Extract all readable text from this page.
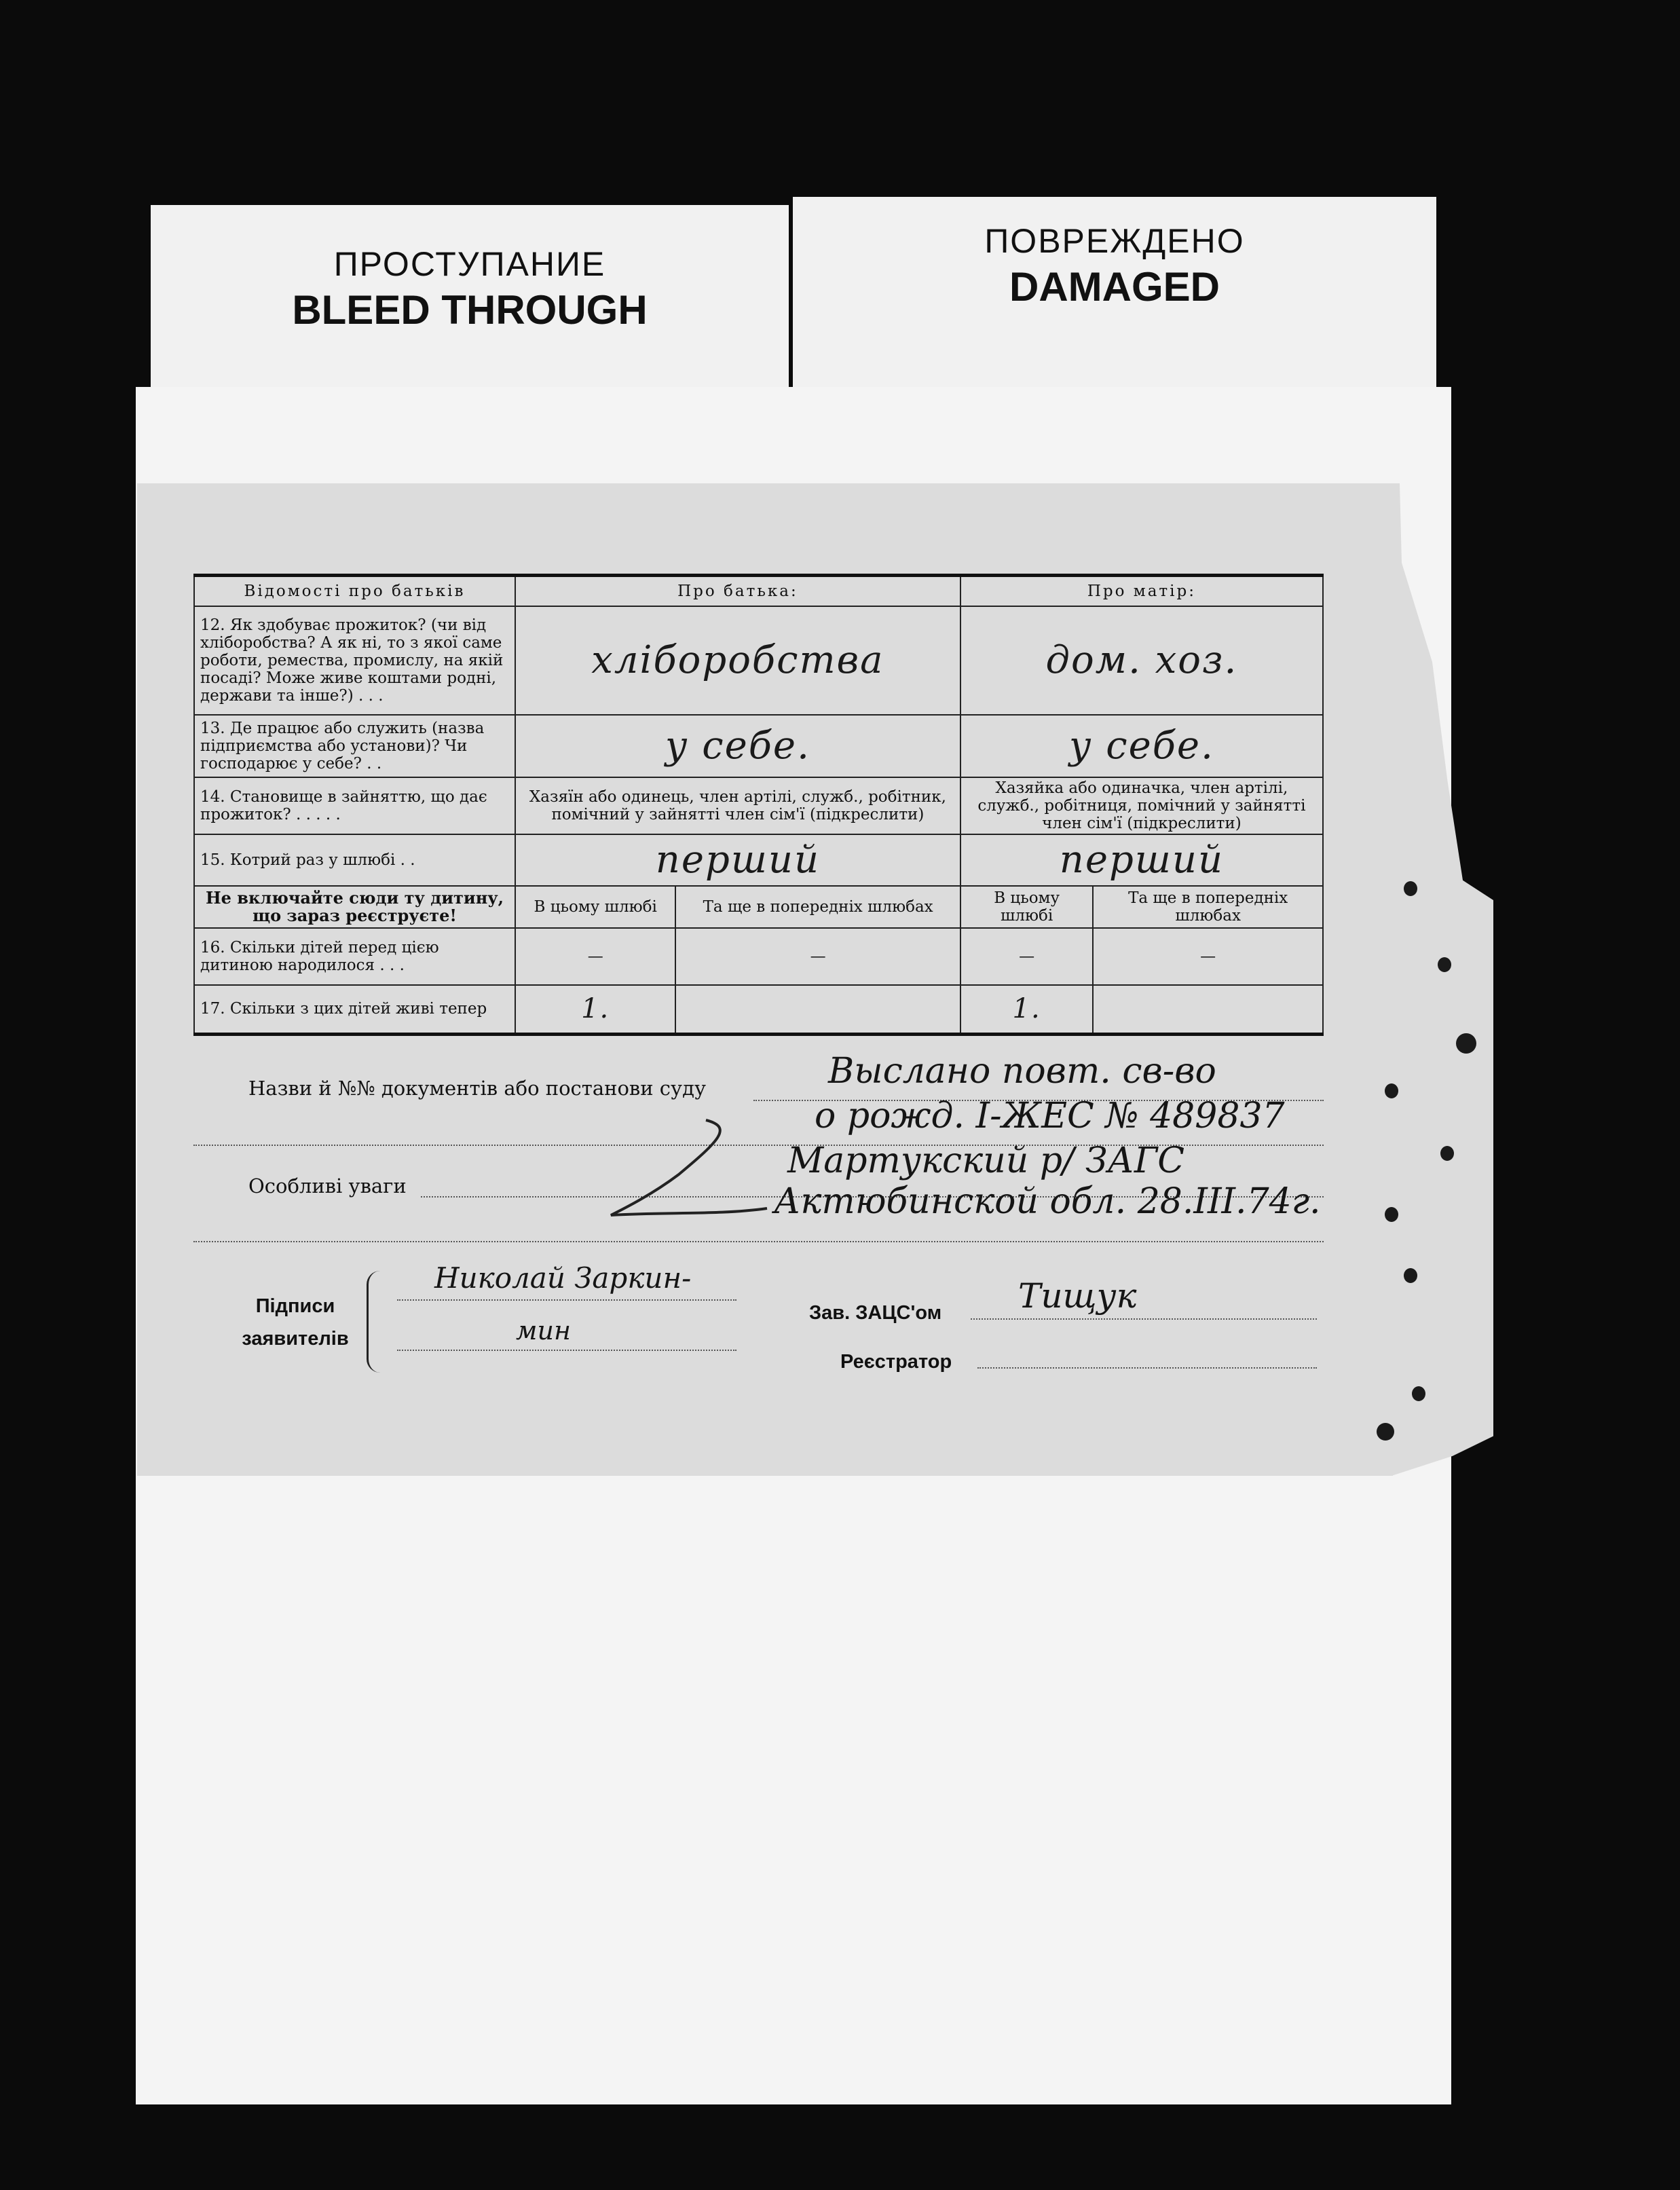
ПРОСТУПАНИЕ
BLEED THROUGH
ПОВРЕЖДЕНО
DAMAGED
Відомості про батьків	Про батька:		Про матір:	
12. Як здобуває прожиток? (чи від хліборобства? А як ні, то з якої саме роботи, ремества, промислу, на якій посаді? Може живе коштами родні, держави та інше?) . . .	хліборобства		дом. хоз.	
13. Де працює або служить (назва підприємства або установи)? Чи господарює у себе? . .	у себе.		у себе.	
14. Становище в зайняттю, що дає прожиток? . . . . .	Хазяїн або одинець, член артілі, служб., робітник, помічний у зайнятті член сім'ї (підкреслити)		Хазяйка або одиначка, член артілі, служб., робітниця, помічний у зайнятті член сім'ї (підкреслити)	
15. Котрий раз у шлюбі . .	перший		перший	
Не включайте сюди ту дитину, що зараз реєструєте!	В цьому шлюбі	Та ще в попередніх шлюбах	В цьому шлюбі	Та ще в попередніх шлюбах
16. Скільки дітей перед цією дитиною народилося . . .	—	—	—	—
17. Скільки з цих дітей живі тепер	1.		1.	
Назви й №№ документів або постанови суду
Особливі уваги
Выслано повт. св-во
о рожд. Ӏ-ЖЕС № 489837
Мартукский р/ ЗАГС
Актюбинской обл. 28.ІІІ.74г.
Підписи заявителів
Николай Заркин-
мин
Зав. ЗАЦС'ом Тищук
Реєстратор
